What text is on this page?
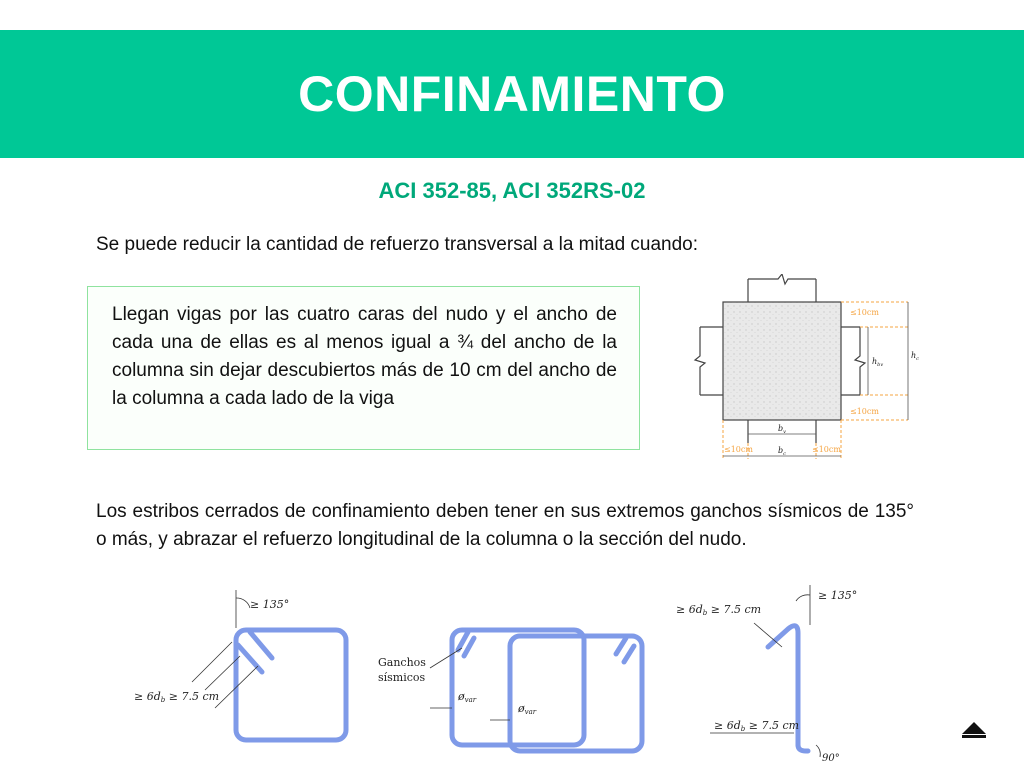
CONFINAMIENTO
ACI 352-85, ACI 352RS-02
Se puede reducir la cantidad de refuerzo transversal a la mitad cuando:

Llegan vigas por las cuatro caras del nudo y el ancho de cada una de ellas es al menos igual a ¾ del ancho de la columna sin dejar descubiertos más de 10 cm del ancho de la columna a cada lado de la viga

≤10cm
≤10cm
≤10cm	≤10cm
$h_{bv}$
$h_c$
$b_v$
$b_c$

Los estribos cerrados de confinamiento deben tener en sus extremos ganchos sísmicos de 135° o más, y abrazar el refuerzo longitudinal de la columna o la sección del nudo.

≥ 135°
≥ 6db ≥ 7.5 cm
Ganchos
sísmicos
øvar
øvar
≥ 135°
≥ 6db ≥ 7.5 cm
≥ 6db ≥ 7.5 cm
90°
